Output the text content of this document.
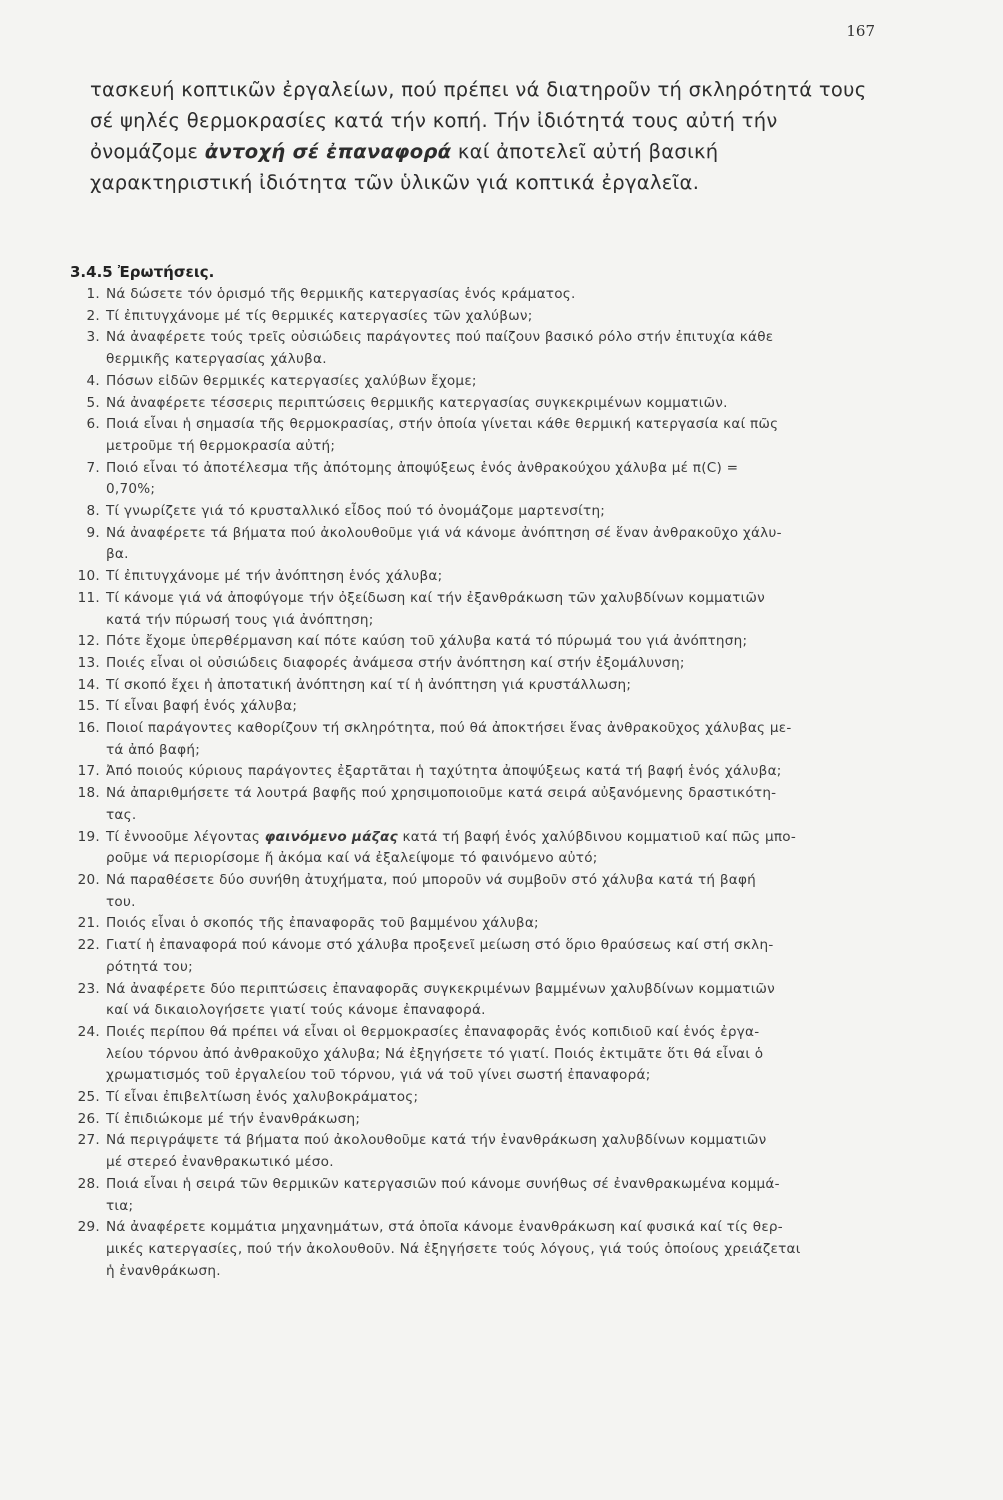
167
τασκευή κοπτικῶν ἐργαλείων, πού πρέπει νά διατηροῦν τή σκληρότητά τους σέ ψηλές θερμοκρασίες κατά τήν κοπή. Τήν ἰδιότητά τους αὐτή τήν ὀνομάζομε ἀντοχή σέ ἐπαναφορά καί ἀποτελεῖ αὐτή βασική χαρακτηριστική ἰδιότητα τῶν ὑλικῶν γιά κοπτικά ἐργαλεῖα.
3.4.5 Ἐρωτήσεις.
1. Νά δώσετε τόν ὁρισμό τῆς θερμικῆς κατεργασίας ἑνός κράματος.
2. Τί ἐπιτυγχάνομε μέ τίς θερμικές κατεργασίες τῶν χαλύβων;
3. Νά ἀναφέρετε τούς τρεῖς οὐσιώδεις παράγοντες πού παίζουν βασικό ρόλο στήν ἐπιτυχία κάθε
θερμικῆς κατεργασίας χάλυβα.
4. Πόσων εἰδῶν θερμικές κατεργασίες χαλύβων ἔχομε;
5. Νά ἀναφέρετε τέσσερις περιπτώσεις θερμικῆς κατεργασίας συγκεκριμένων κομματιῶν.
6. Ποιά εἶναι ἡ σημασία τῆς θερμοκρασίας, στήν ὁποία γίνεται κάθε θερμική κατεργασία καί πῶς
μετροῦμε τή θερμοκρασία αὐτή;
7. Ποιό εἶναι τό ἀποτέλεσμα τῆς ἀπότομης ἀποψύξεως ἑνός ἀνθρακούχου χάλυβα μέ π(C) =
0,70%;
8. Τί γνωρίζετε γιά τό κρυσταλλικό εἶδος πού τό ὀνομάζομε μαρτενσίτη;
9. Νά ἀναφέρετε τά βήματα πού ἀκολουθοῦμε γιά νά κάνομε ἀνόπτηση σέ ἕναν ἀνθρακοῦχο χάλυ-
βα.
10. Τί ἐπιτυγχάνομε μέ τήν ἀνόπτηση ἑνός χάλυβα;
11. Τί κάνομε γιά νά ἀποφύγομε τήν ὀξείδωση καί τήν ἐξανθράκωση τῶν χαλυβδίνων κομματιῶν
κατά τήν πύρωσή τους γιά ἀνόπτηση;
12. Πότε ἔχομε ὑπερθέρμανση καί πότε καύση τοῦ χάλυβα κατά τό πύρωμά του γιά ἀνόπτηση;
13. Ποιές εἶναι οἱ οὐσιώδεις διαφορές ἀνάμεσα στήν ἀνόπτηση καί στήν ἐξομάλυνση;
14. Τί σκοπό ἔχει ἡ ἀποτατική ἀνόπτηση καί τί ἡ ἀνόπτηση γιά κρυστάλλωση;
15. Τί εἶναι βαφή ἑνός χάλυβα;
16. Ποιοί παράγοντες καθορίζουν τή σκληρότητα, πού θά ἀποκτήσει ἕνας ἀνθρακοῦχος χάλυβας με-
τά ἀπό βαφή;
17. Ἀπό ποιούς κύριους παράγοντες ἐξαρτᾶται ἡ ταχύτητα ἀποψύξεως κατά τή βαφή ἑνός χάλυβα;
18. Νά ἀπαριθμήσετε τά λουτρά βαφῆς πού χρησιμοποιοῦμε κατά σειρά αὐξανόμενης δραστικότη-
τας.
19. Τί ἐννοοῦμε λέγοντας φαινόμενο μάζας κατά τή βαφή ἑνός χαλύβδινου κομματιοῦ καί πῶς μπο-
ροῦμε νά περιορίσομε ἤ ἀκόμα καί νά ἐξαλείψομε τό φαινόμενο αὐτό;
20. Νά παραθέσετε δύο συνήθη ἀτυχήματα, πού μποροῦν νά συμβοῦν στό χάλυβα κατά τή βαφή
του.
21. Ποιός εἶναι ὁ σκοπός τῆς ἐπαναφορᾶς τοῦ βαμμένου χάλυβα;
22. Γιατί ἡ ἐπαναφορά πού κάνομε στό χάλυβα προξενεῖ μείωση στό ὅριο θραύσεως καί στή σκλη-
ρότητά του;
23. Νά ἀναφέρετε δύο περιπτώσεις ἐπαναφορᾶς συγκεκριμένων βαμμένων χαλυβδίνων κομματιῶν
καί νά δικαιολογήσετε γιατί τούς κάνομε ἐπαναφορά.
24. Ποιές περίπου θά πρέπει νά εἶναι οἱ θερμοκρασίες ἐπαναφορᾶς ἑνός κοπιδιοῦ καί ἑνός ἐργα-
λείου τόρνου ἀπό ἀνθρακοῦχο χάλυβα; Νά ἐξηγήσετε τό γιατί. Ποιός ἐκτιμᾶτε ὅτι θά εἶναι ὁ
χρωματισμός τοῦ ἐργαλείου τοῦ τόρνου, γιά νά τοῦ γίνει σωστή ἐπαναφορά;
25. Τί εἶναι ἐπιβελτίωση ἑνός χαλυβοκράματος;
26. Τί ἐπιδιώκομε μέ τήν ἐνανθράκωση;
27. Νά περιγράψετε τά βήματα πού ἀκολουθοῦμε κατά τήν ἐνανθράκωση χαλυβδίνων κομματιῶν
μέ στερεό ἐνανθρακωτικό μέσο.
28. Ποιά εἶναι ἡ σειρά τῶν θερμικῶν κατεργασιῶν πού κάνομε συνήθως σέ ἐνανθρακωμένα κομμά-
τια;
29. Νά ἀναφέρετε κομμάτια μηχανημάτων, στά ὁποῖα κάνομε ἐνανθράκωση καί φυσικά καί τίς θερ-
μικές κατεργασίες, πού τήν ἀκολουθοῦν. Νά ἐξηγήσετε τούς λόγους, γιά τούς ὁποίους χρειάζεται
ἡ ἐνανθράκωση.
